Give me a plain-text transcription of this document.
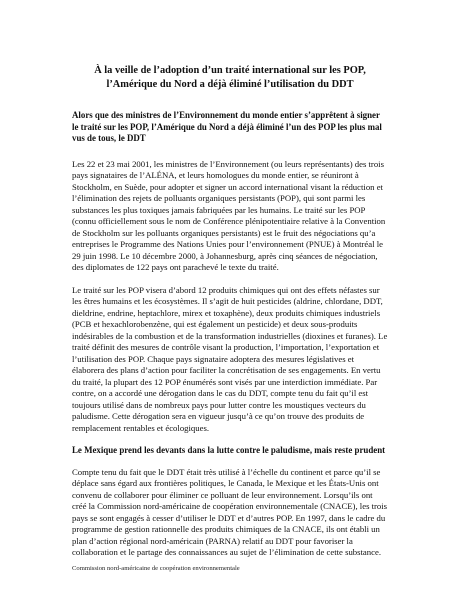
À la veille de l’adoption d’un traité international sur les POP,
l’Amérique du Nord a déjà éliminé l’utilisation du DDT

Alors que des ministres de l’Environnement du monde entier s’apprêtent à signer le traité sur les POP, l’Amérique du Nord a déjà éliminé l’un des POP les plus mal vus de tous, le DDT

Les 22 et 23 mai 2001, les ministres de l’Environnement (ou leurs représentants) des trois pays signataires de l’ALÉNA, et leurs homologues du monde entier, se réuniront à Stockholm, en Suède, pour adopter et signer un accord international visant la réduction et l’élimination des rejets de polluants organiques persistants (POP), qui sont parmi les substances les plus toxiques jamais fabriquées par les humains. Le traité sur les POP (connu officiellement sous le nom de Conférence plénipotentiaire relative à la Convention de Stockholm sur les polluants organiques persistants) est le fruit des négociations qu’a entreprises le Programme des Nations Unies pour l’environnement (PNUE) à Montréal le 29 juin 1998. Le 10 décembre 2000, à Johannesburg, après cinq séances de négociation, des diplomates de 122 pays ont parachevé le texte du traité.

Le traité sur les POP visera d’abord 12 produits chimiques qui ont des effets néfastes sur les êtres humains et les écosystèmes. Il s’agit de huit pesticides (aldrine, chlordane, DDT, dieldrine, endrine, heptachlore, mirex et toxaphène), deux produits chimiques industriels (PCB et hexachlorobenzène, qui est également un pesticide) et deux sous-produits indésirables de la combustion et de la transformation industrielles (dioxines et furanes). Le traité définit des mesures de contrôle visant la production, l’importation, l’exportation et l’utilisation des POP. Chaque pays signataire adoptera des mesures législatives et élaborera des plans d’action pour faciliter la concrétisation de ses engagements. En vertu du traité, la plupart des 12 POP énumérés sont visés par une interdiction immédiate. Par contre, on a accordé une dérogation dans le cas du DDT, compte tenu du fait qu’il est toujours utilisé dans de nombreux pays pour lutter contre les moustiques vecteurs du paludisme. Cette dérogation sera en vigueur jusqu’à ce qu’on trouve des produits de remplacement rentables et écologiques.

Le Mexique prend les devants dans la lutte contre le paludisme, mais reste prudent

Compte tenu du fait que le DDT était très utilisé à l’échelle du continent et parce qu’il se déplace sans égard aux frontières politiques, le Canada, le Mexique et les États-Unis ont convenu de collaborer pour éliminer ce polluant de leur environnement. Lorsqu’ils ont créé la Commission nord-américaine de coopération environnementale (CNACE), les trois pays se sont engagés à cesser d’utiliser le DDT et d’autres POP. En 1997, dans le cadre du programme de gestion rationnelle des produits chimiques de la CNACE, ils ont établi un plan d’action régional nord-américain (PARNA) relatif au DDT pour favoriser la collaboration et le partage des connaissances au sujet de l’élimination de cette substance.

Commission nord-américaine de coopération environnementale
